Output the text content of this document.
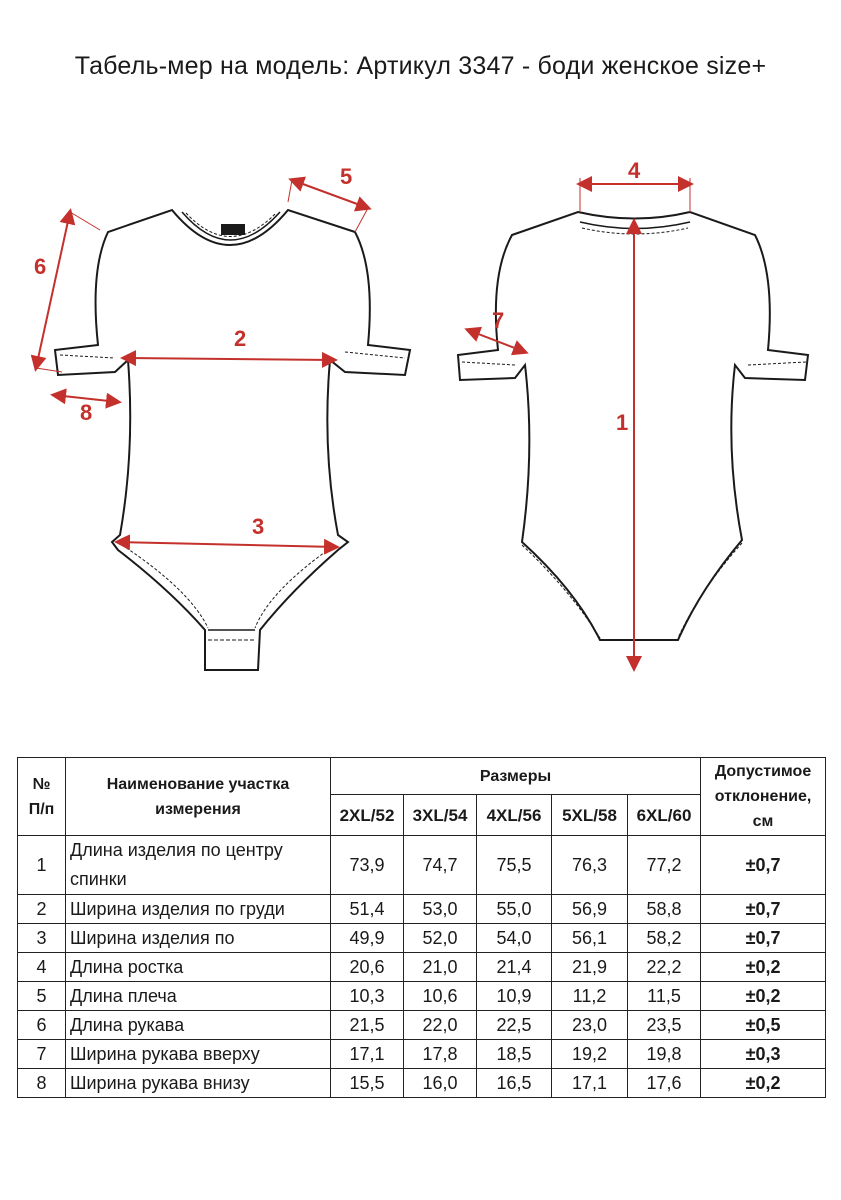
Табель-мер на модель: Артикул 3347 - боди женское size+
6
5
2
8
3
4
7
1
№ П/п	Наименование участка измерения	Размеры					Допустимое отклонение, см
		2XL/52	3XL/54	4XL/56	5XL/58	6XL/60	
1	Длина изделия по центру спинки	73,9	74,7	75,5	76,3	77,2	±0,7
2	Ширина изделия по груди	51,4	53,0	55,0	56,9	58,8	±0,7
3	Ширина изделия по	49,9	52,0	54,0	56,1	58,2	±0,7
4	Длина ростка	20,6	21,0	21,4	21,9	22,2	±0,2
5	Длина плеча	10,3	10,6	10,9	11,2	11,5	±0,2
6	Длина рукава	21,5	22,0	22,5	23,0	23,5	±0,5
7	Ширина рукава вверху	17,1	17,8	18,5	19,2	19,8	±0,3
8	Ширина рукава внизу	15,5	16,0	16,5	17,1	17,6	±0,2
